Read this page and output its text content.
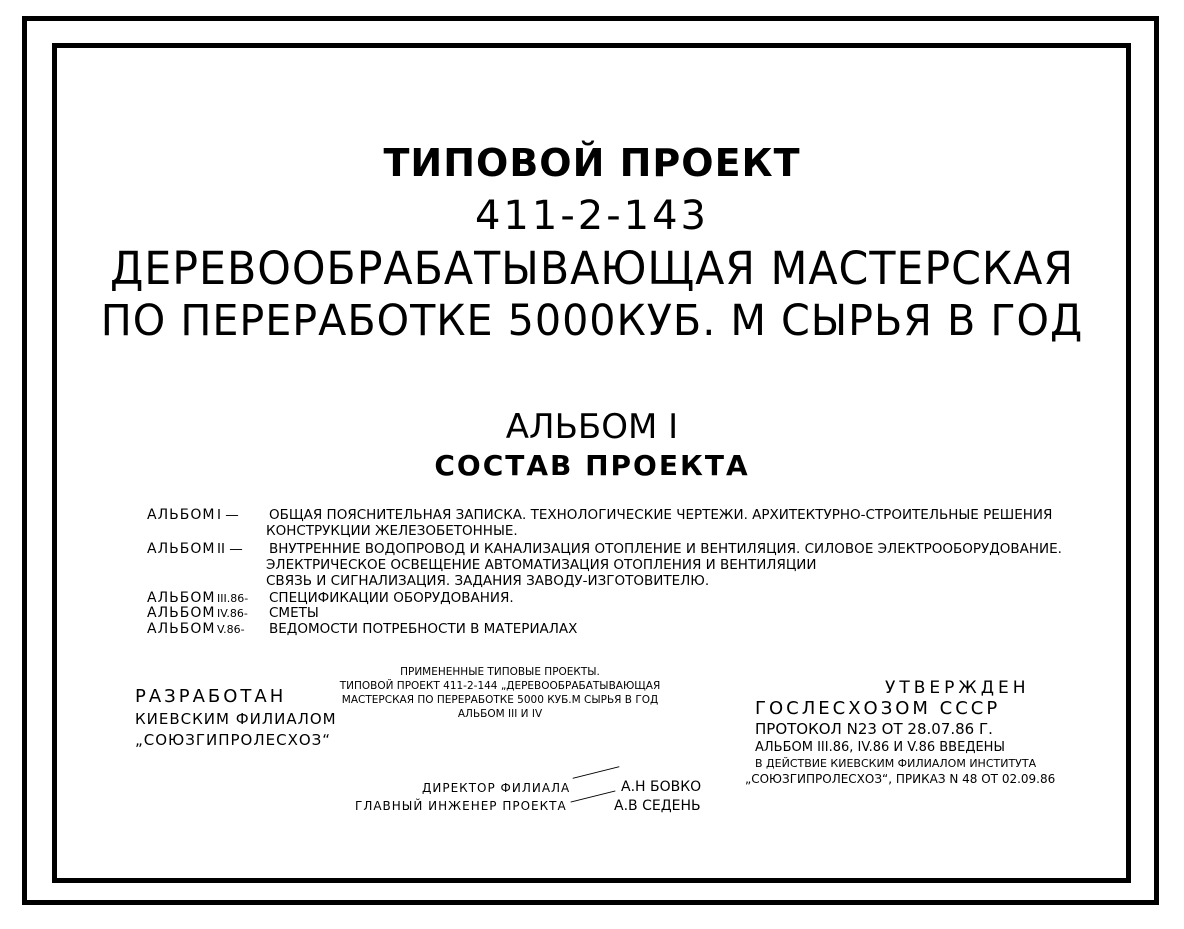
ТИПОВОЙ ПРОЕКТ
411-2-143
ДЕРЕВООБРАБАТЫВАЮЩАЯ МАСТЕРСКАЯ
ПО ПЕРЕРАБОТКЕ 5000КУБ. М СЫРЬЯ В ГОД
АЛЬБОМ I
СОСТАВ ПРОЕКТА
АЛЬБОМ I — ОБЩАЯ ПОЯСНИТЕЛЬНАЯ ЗАПИСКА. ТЕХНОЛОГИЧЕСКИЕ ЧЕРТЕЖИ. АРХИТЕКТУРНО-СТРОИТЕЛЬНЫЕ РЕШЕНИЯ
КОНСТРУКЦИИ ЖЕЛЕЗОБЕТОННЫЕ.
АЛЬБОМ II — ВНУТРЕННИЕ ВОДОПРОВОД И КАНАЛИЗАЦИЯ ОТОПЛЕНИЕ И ВЕНТИЛЯЦИЯ. СИЛОВОЕ ЭЛЕКТРООБОРУДОВАНИЕ.
ЭЛЕКТРИЧЕСКОЕ ОСВЕЩЕНИЕ АВТОМАТИЗАЦИЯ ОТОПЛЕНИЯ И ВЕНТИЛЯЦИИ
СВЯЗЬ И СИГНАЛИЗАЦИЯ. ЗАДАНИЯ ЗАВОДУ-ИЗГОТОВИТЕЛЮ.
АЛЬБОМ III.86- СПЕЦИФИКАЦИИ ОБОРУДОВАНИЯ.
АЛЬБОМ IV.86- СМЕТЫ
АЛЬБОМ V.86- ВЕДОМОСТИ ПОТРЕБНОСТИ В МАТЕРИАЛАХ
ПРИМЕНЕННЫЕ ТИПОВЫЕ ПРОЕКТЫ.
ТИПОВОЙ ПРОЕКТ 411-2-144 „ДЕРЕВООБРАБАТЫВАЮЩАЯ
МАСТЕРСКАЯ ПО ПЕРЕРАБОТКЕ 5000 КУБ.М СЫРЬЯ В ГОД
АЛЬБОМ III И IV
РАЗРАБОТАН
КИЕВСКИМ ФИЛИАЛОМ
„СОЮЗГИПРОЛЕСХОЗ“
УТВЕРЖДЕН
ГОСЛЕСХОЗОМ СССР
ПРОТОКОЛ N23 ОТ 28.07.86 Г.
АЛЬБОМ III.86, IV.86 И V.86 ВВЕДЕНЫ
В ДЕЙСТВИЕ КИЕВСКИМ ФИЛИАЛОМ ИНСТИТУТА
„СОЮЗГИПРОЛЕСХОЗ“, ПРИКАЗ N 48 ОТ 02.09.86
ДИРЕКТОР ФИЛИАЛА	А.Н БОВКО
ГЛАВНЫЙ ИНЖЕНЕР ПРОЕКТА	А.В СЕДЕНЬ
